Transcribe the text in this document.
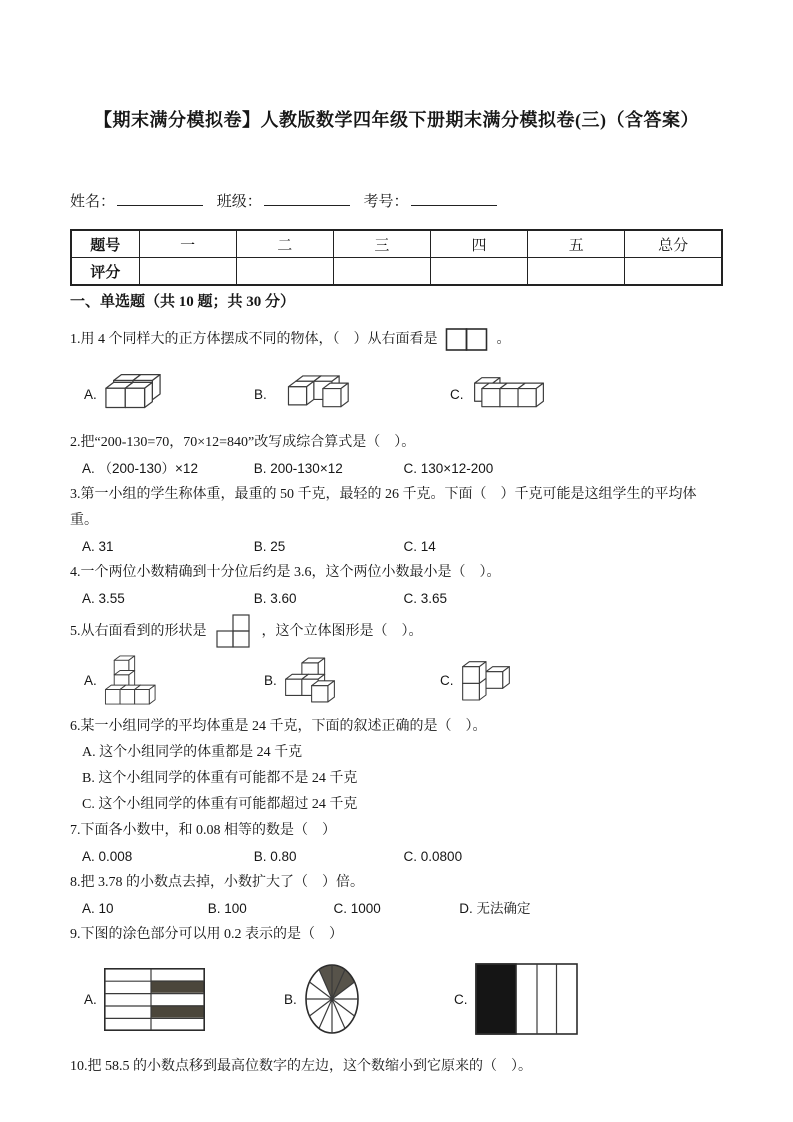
【期末满分模拟卷】人教版数学四年级下册期末满分模拟卷(三)（含答案）
姓名：	班级：	考号：
题号	一	二	三	四	五	总分
评分						
一、单选题（共 10 题；共 30 分）
1.用 4 个同样大的正方体摆成不同的物体，（　）从右面看是	。
A.	B.	C.
2.把“200-130=70，70×12=840”改写成综合算式是（　）。
A. （200-130）×12	B. 200-130×12	C. 130×12-200
3.第一小组的学生称体重，最重的 50 千克，最轻的 26 千克。下面（　）千克可能是这组学生的平均体重。
A. 31	B. 25	C. 14
4.一个两位小数精确到十分位后约是 3.6，这个两位小数最小是（　）。
A. 3.55	B. 3.60	C. 3.65
5.从右面看到的形状是	，这个立体图形是（　）。
A.	B.	C.
6.某一小组同学的平均体重是 24 千克，下面的叙述正确的是（　）。
A. 这个小组同学的体重都是 24 千克
B. 这个小组同学的体重有可能都不是 24 千克
C. 这个小组同学的体重有可能都超过 24 千克
7.下面各小数中，和 0.08 相等的数是（　）
A. 0.008	B. 0.80	C. 0.0800
8.把 3.78 的小数点去掉，小数扩大了（　）倍。
A. 10	B. 100	C. 1000	D. 无法确定
9.下图的涂色部分可以用 0.2 表示的是（　）
A.	B.	C.
10.把 58.5 的小数点移到最高位数字的左边，这个数缩小到它原来的（　）。
